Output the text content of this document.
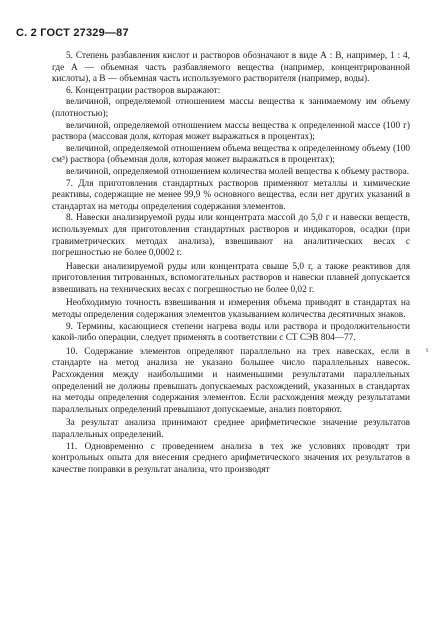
С. 2 ГОСТ 27329—87

5. Степень разбавления кислот и растворов обозначают в виде А : В, например, 1 : 4, где А — объемная часть разбавляемого вещества (например, концентрированной кислоты), а В — объемная часть используемого растворителя (например, воды).

6. Концентрации растворов выражают:

величиной, определяемой отношением массы вещества к занимаемому им объему (плотностью);

величиной, определяемой отношением массы вещества к определенной массе (100 г) раствора (массовая доля, которая может выражаться в процентах);

величиной, определяемой отношением объема вещества к определенному объему (100 см³) раствора (объемная доля, которая может выражаться в процентах);

величиной, определяемой отношением количества молей вещества к объему раствора.

7. Для приготовления стандартных растворов применяют металлы и химические реактивы, содержащие не менее 99,9 % основного вещества, если нет других указаний в стандартах на методы определения содержания элементов.

8. Навески анализируемой руды или концентрата массой до 5,0 г и навески веществ, используемых для приготовления стандартных растворов и индикаторов, осадки (при гравиметрических методах анализа), взвешивают на аналитических весах с погрешностью не более 0,0002 г.

Навески анализируемой руды или концентрата свыше 5,0 г, а также реактивов для приготовления титрованных, вспомогательных растворов и навески плавней допускается взвешивать на технических весах с погрешностью не более 0,02 г.

Необходимую точность взвешивания и измерения объема приводят в стандартах на методы определения содержания элементов указыванием количества десятичных знаков.

9. Термины, касающиеся степени нагрева воды или раствора и продолжительности какой-либо операции, следует применять в соответствии с СТ СЭВ 804—77.

10. Содержание элементов определяют параллельно на трех навесках, если в стандарте на метод анализа не указано большее число параллельных навесок. Расхождения между наибольшими и наименьшими результатами параллельных определений не должны превышать допускаемых расхождений, указанных в стандартах на методы определения содержания элементов. Если расхождения между результатами параллельных определений превышают допускаемые, анализ повторяют.

За результат анализа принимают среднее арифметическое значение результатов параллельных определений.

11. Одновременно с проведением анализа в тех же условиях проводят три контрольных опыта для внесения среднего арифметического значения их результатов в качестве поправки в результат анализа, что производят

ι
